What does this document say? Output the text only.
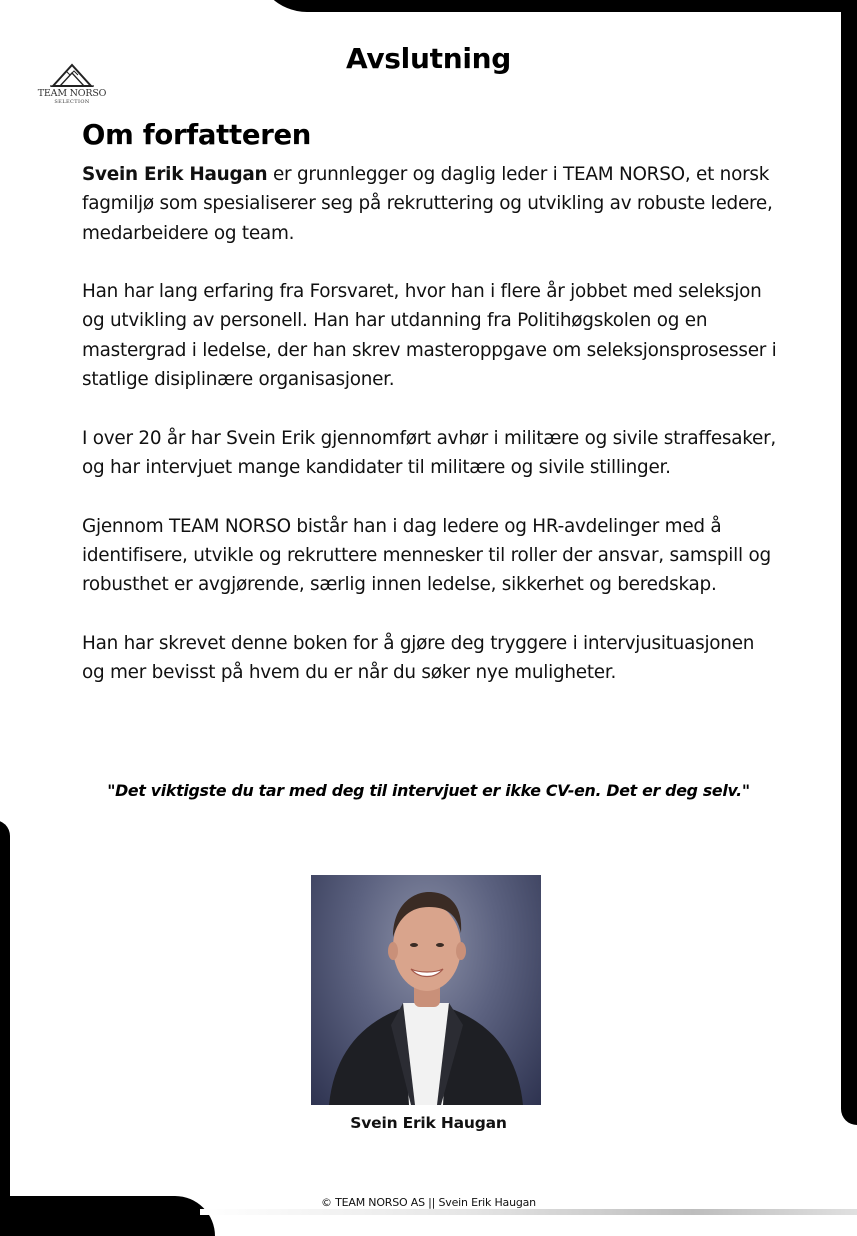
TEAM NORSO
SELECTION
Avslutning
Om forfatteren

Svein Erik Haugan er grunnlegger og daglig leder i TEAM NORSO, et norsk fagmiljø som spesialiserer seg på rekruttering og utvikling av robuste ledere, medarbeidere og team.

Han har lang erfaring fra Forsvaret, hvor han i flere år jobbet med seleksjon og utvikling av personell. Han har utdanning fra Politihøgskolen og en mastergrad i ledelse, der han skrev masteroppgave om seleksjonsprosesser i statlige disiplinære organisasjoner.

I over 20 år har Svein Erik gjennomført avhør i militære og sivile straffesaker, og har intervjuet mange kandidater til militære og sivile stillinger.

Gjennom TEAM NORSO bistår han i dag ledere og HR-avdelinger med å identifisere, utvikle og rekruttere mennesker til roller der ansvar, samspill og robusthet er avgjørende, særlig innen ledelse, sikkerhet og beredskap.

Han har skrevet denne boken for å gjøre deg tryggere i intervjusituasjonen og mer bevisst på hvem du er når du søker nye muligheter.

"Det viktigste du tar med deg til intervjuet er ikke CV-en. Det er deg selv."
Svein Erik Haugan
© TEAM NORSO AS || Svein Erik Haugan
